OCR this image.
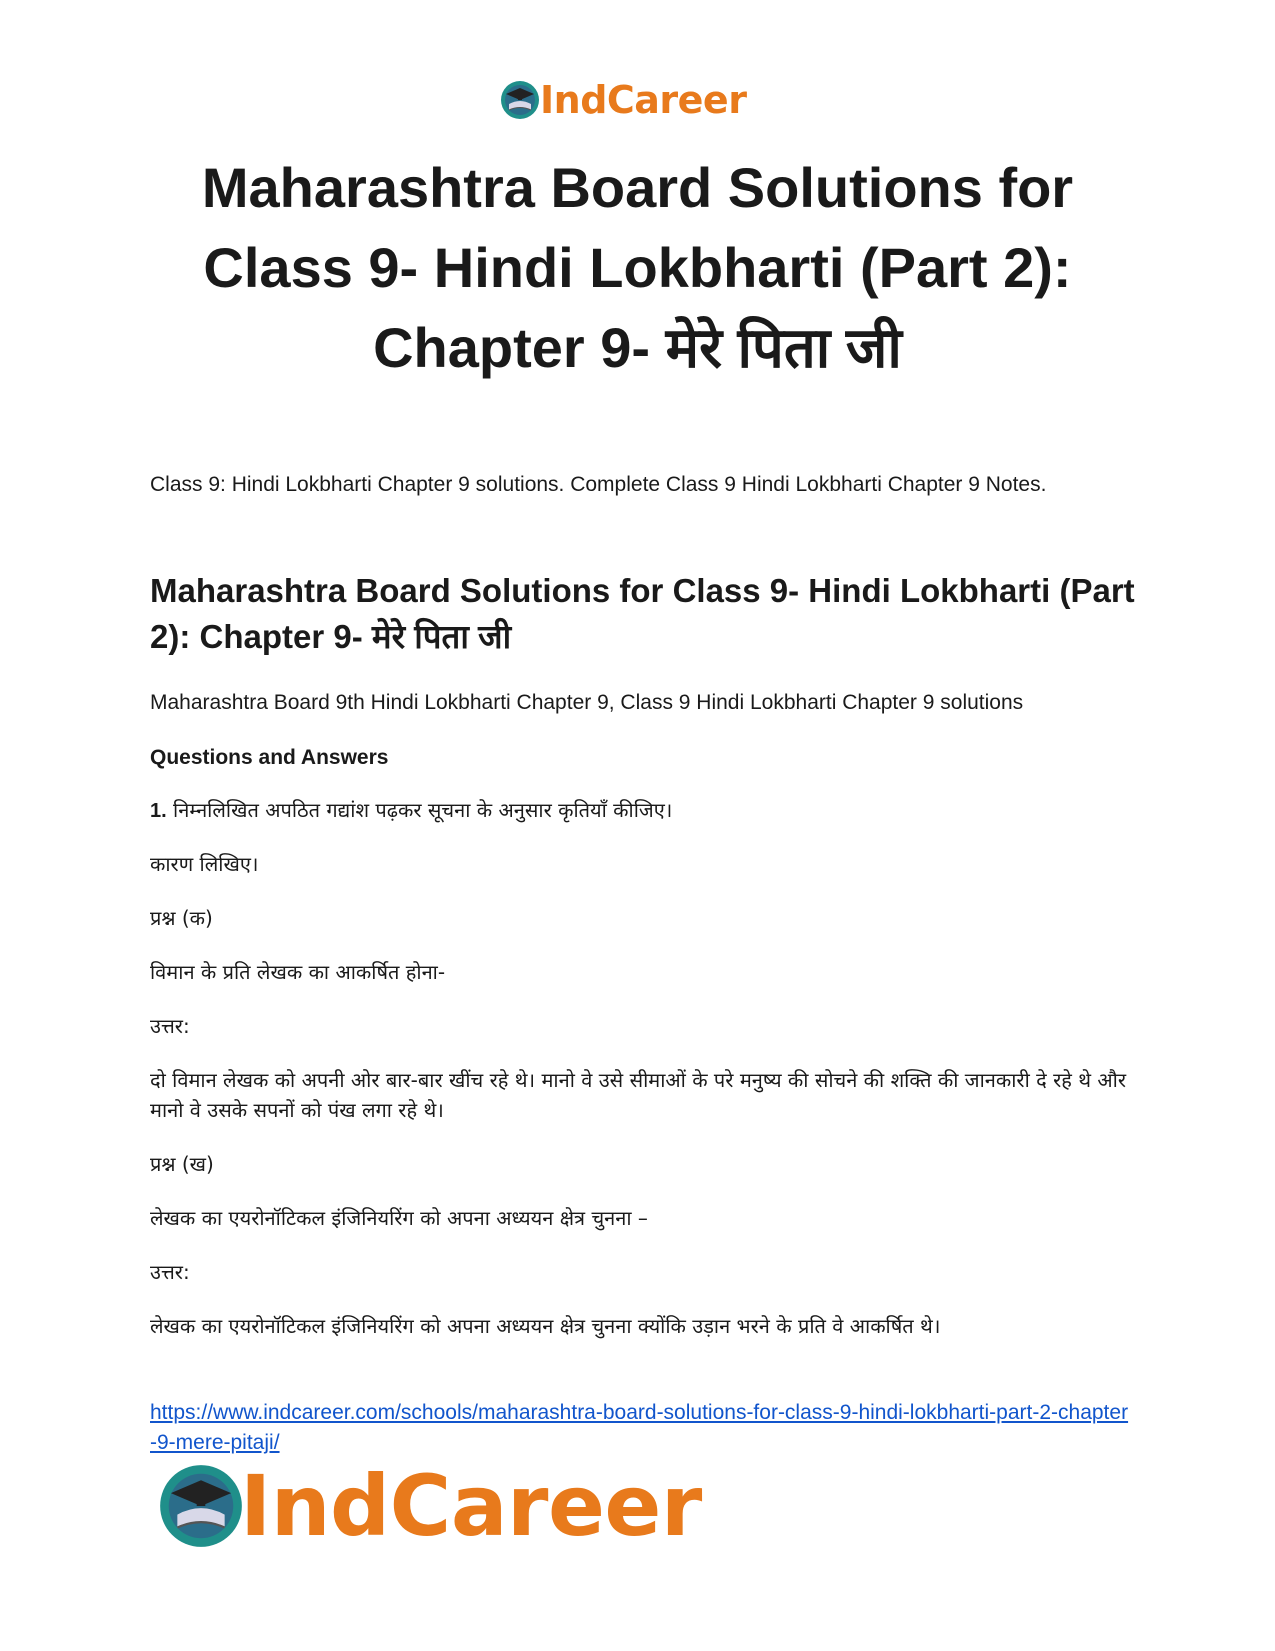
IndCareer
Maharashtra Board Solutions for Class 9- Hindi Lokbharti (Part 2): Chapter 9- मेरे पिता जी

Class 9: Hindi Lokbharti Chapter 9 solutions. Complete Class 9 Hindi Lokbharti Chapter 9 Notes.

Maharashtra Board Solutions for Class 9- Hindi Lokbharti (Part 2): Chapter 9- मेरे पिता जी

Maharashtra Board 9th Hindi Lokbharti Chapter 9, Class 9 Hindi Lokbharti Chapter 9 solutions

Questions and Answers

1. निम्नलिखित अपठित गद्यांश पढ़कर सूचना के अनुसार कृतियाँ कीजिए।

कारण लिखिए।

प्रश्न (क)

विमान के प्रति लेखक का आकर्षित होना-

उत्तर:

दो विमान लेखक को अपनी ओर बार-बार खींच रहे थे। मानो वे उसे सीमाओं के परे मनुष्य की सोचने की शक्ति की जानकारी दे रहे थे और मानो वे उसके सपनों को पंख लगा रहे थे।

प्रश्न (ख)

लेखक का एयरोनॉटिकल इंजिनियरिंग को अपना अध्ययन क्षेत्र चुनना –

उत्तर:

लेखक का एयरोनॉटिकल इंजिनियरिंग को अपना अध्ययन क्षेत्र चुनना क्योंकि उड़ान भरने के प्रति वे आकर्षित थे।

https://www.indcareer.com/schools/maharashtra-board-solutions-for-class-9-hindi-lokbharti-part-2-chapter-9-mere-pitaji/
IndCareer
